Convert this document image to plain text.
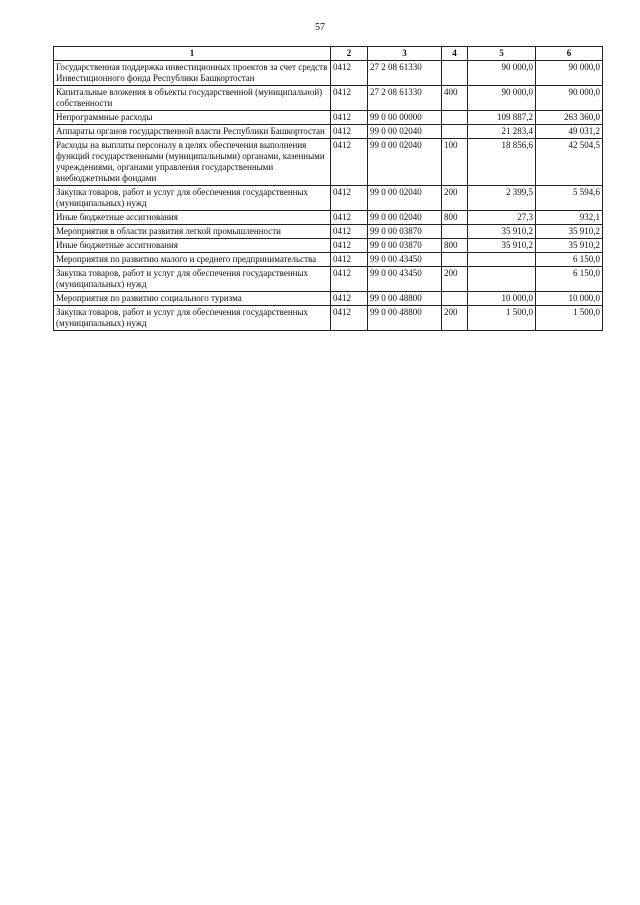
57
1	2	3	4	5	6
Государственная поддержка инвестиционных проектов за счет средств Инвестиционного фонда Республики Башкортостан	0412	27 2 08 61330		90 000,0	90 000,0
Капитальные вложения в объекты государственной (муниципальной) собственности	0412	27 2 08 61330	400	90 000,0	90 000,0
Непрограммные расходы	0412	99 0 00 00000		109 887,2	263 360,0
Аппараты органов государственной власти Республики Башкортостан	0412	99 0 00 02040		21 283,4	49 031,2
Расходы на выплаты персоналу в целях обеспечения выполнения функций государственными (муниципальными) органами, казенными учреждениями, органами управления государственными внебюджетными фондами	0412	99 0 00 02040	100	18 856,6	42 504,5
Закупка товаров, работ и услуг для обеспечения государственных (муниципальных) нужд	0412	99 0 00 02040	200	2 399,5	5 594,6
Иные бюджетные ассигнования	0412	99 0 00 02040	800	27,3	932,1
Мероприятия в области развития легкой промышленности	0412	99 0 00 03870		35 910,2	35 910,2
Иные бюджетные ассигнования	0412	99 0 00 03870	800	35 910,2	35 910,2
Мероприятия по развитию малого и среднего предпринимательства	0412	99 0 00 43450			6 150,0
Закупка товаров, работ и услуг для обеспечения государственных (муниципальных) нужд	0412	99 0 00 43450	200		6 150,0
Мероприятия по развитию социального туризма	0412	99 0 00 48800		10 000,0	10 000,0
Закупка товаров, работ и услуг для обеспечения государственных (муниципальных) нужд	0412	99 0 00 48800	200	1 500,0	1 500,0
